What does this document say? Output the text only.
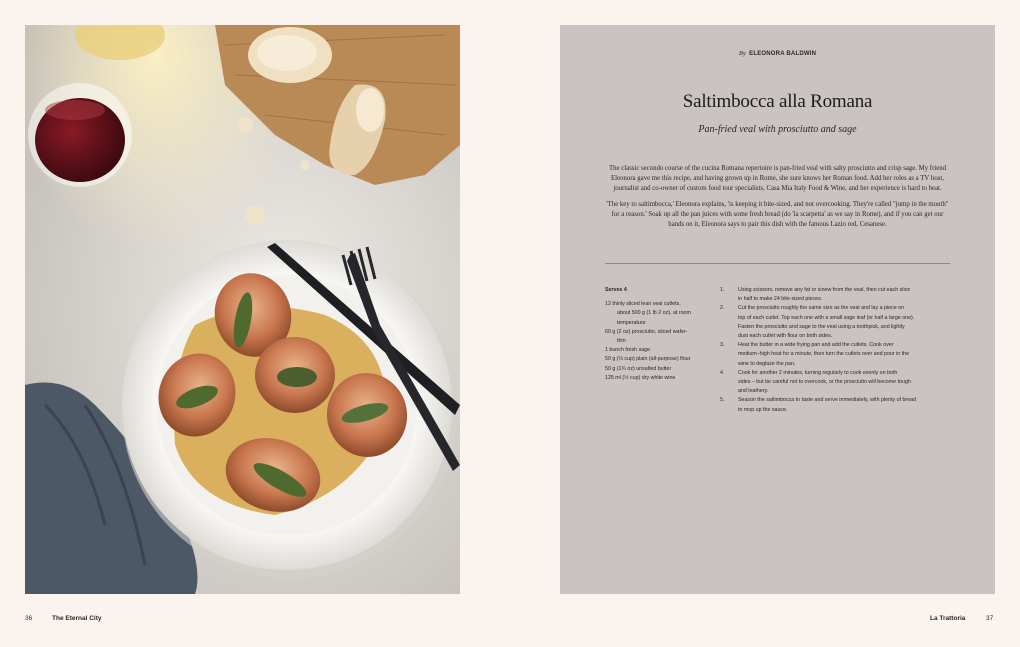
By ELEONORA BALDWIN
Saltimbocca alla Romana
Pan-fried veal with prosciutto and sage

The classic secondo course of the cucina Romana repertoire is pan-fried veal with salty prosciutto and crisp sage. My friend Eleonora gave me this recipe, and having grown up in Rome, she sure knows her Roman food. Add her roles as a TV host, journalist and co-owner of custom food tour specialists, Casa Mia Italy Food & Wine, and her experience is hard to beat.

'The key to saltimbocca,' Eleonora explains, 'is keeping it bite-sized, and not overcooking. They're called "jump in the mouth" for a reason.' Soak up all the pan juices with some fresh bread (do 'la scarpetta' as we say in Rome), and if you can get our hands on it, Eleonora says to pair this dish with the famous Lazio red, Cesanese.

Serves 4
12 thinly sliced lean veal cutlets,
about 500 g (1 lb 2 oz), at room
temperature
60 g (2 oz) prosciutto, sliced wafer-
thin
1 bunch fresh sage
50 g (⅓ cup) plain (all-purpose) flour
50 g (1¾ oz) unsalted butter
125 ml (½ cup) dry white wine
1.	Using scissors, remove any fat or sinew from the veal, then cut each slice
in half to make 24 bite-sized pieces.
2.	Cut the prosciutto roughly the same size as the veal and lay a piece on
top of each cutlet. Top each one with a small sage leaf (or half a large one).
Fasten the prosciutto and sage to the veal using a toothpick, and lightly
dust each cutlet with flour on both sides.
3.	Heat the butter in a wide frying pan and add the cutlets. Cook over
medium–high heat for a minute, then turn the cutlets over and pour in the
wine to deglaze the pan.
4.	Cook for another 2 minutes, turning regularly to cook evenly on both
sides – but be careful not to overcook, or the prosciutto will become tough
and leathery.
5.	Season the saltimbocca to taste and serve immediately, with plenty of bread
to mop up the sauce.
36	The Eternal City	La Trattoria	37
